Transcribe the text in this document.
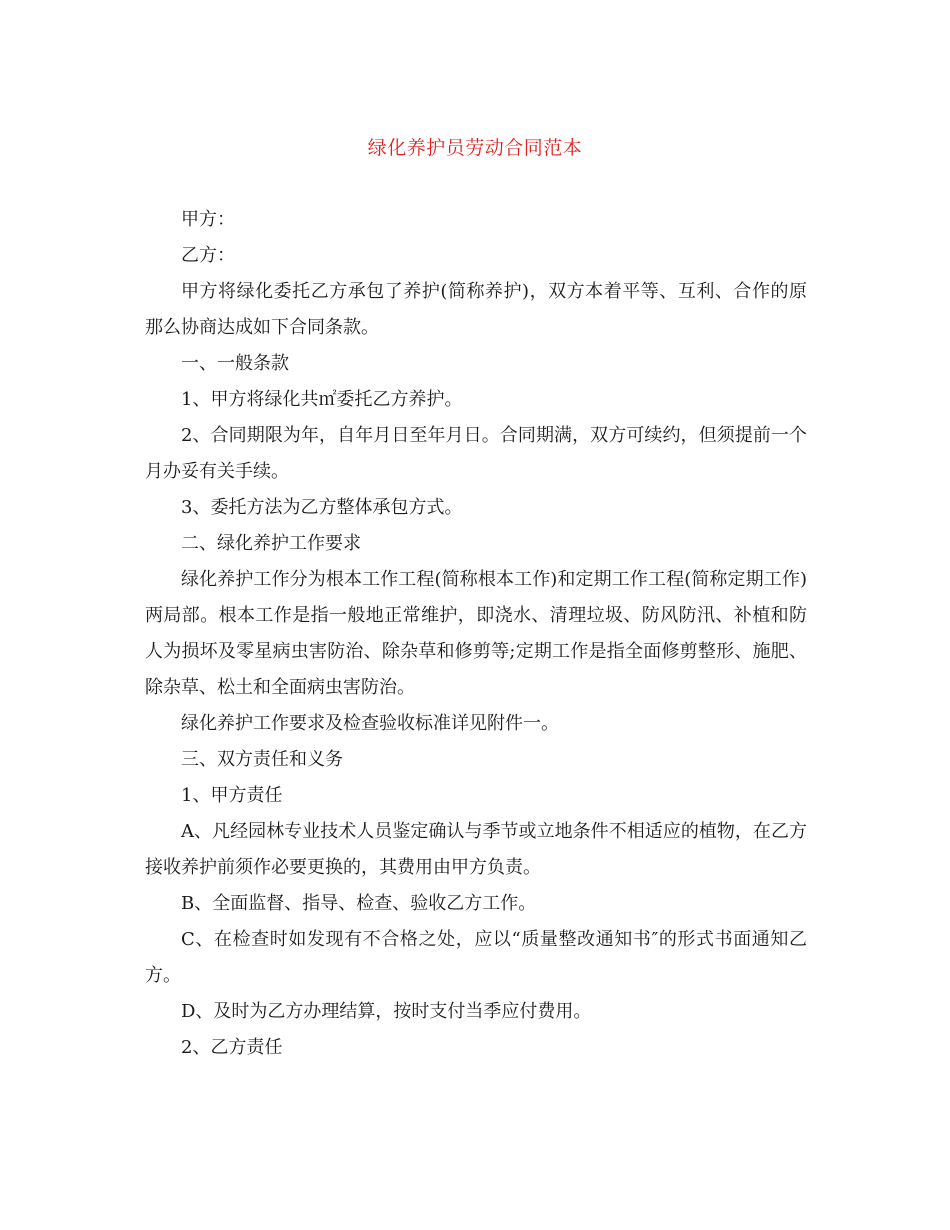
绿化养护员劳动合同范本

甲方：

乙方：

甲方将绿化委托乙方承包了养护(简称养护)，双方本着平等、互利、合作的原那么协商达成如下合同条款。

一、一般条款

1、甲方将绿化共㎡委托乙方养护。

2、合同期限为年，自年月日至年月日。合同期满，双方可续约，但须提前一个月办妥有关手续。

3、委托方法为乙方整体承包方式。

二、绿化养护工作要求

绿化养护工作分为根本工作工程(简称根本工作)和定期工作工程(简称定期工作)两局部。根本工作是指一般地正常维护，即浇水、清理垃圾、防风防汛、补植和防人为损坏及零星病虫害防治、除杂草和修剪等;定期工作是指全面修剪整形、施肥、除杂草、松土和全面病虫害防治。

绿化养护工作要求及检查验收标准详见附件一。

三、双方责任和义务

1、甲方责任

A、凡经园林专业技术人员鉴定确认与季节或立地条件不相适应的植物，在乙方接收养护前须作必要更换的，其费用由甲方负责。

B、全面监督、指导、检查、验收乙方工作。

C、在检查时如发现有不合格之处，应以“质量整改通知书″的形式书面通知乙方。

D、及时为乙方办理结算，按时支付当季应付费用。

2、乙方责任
